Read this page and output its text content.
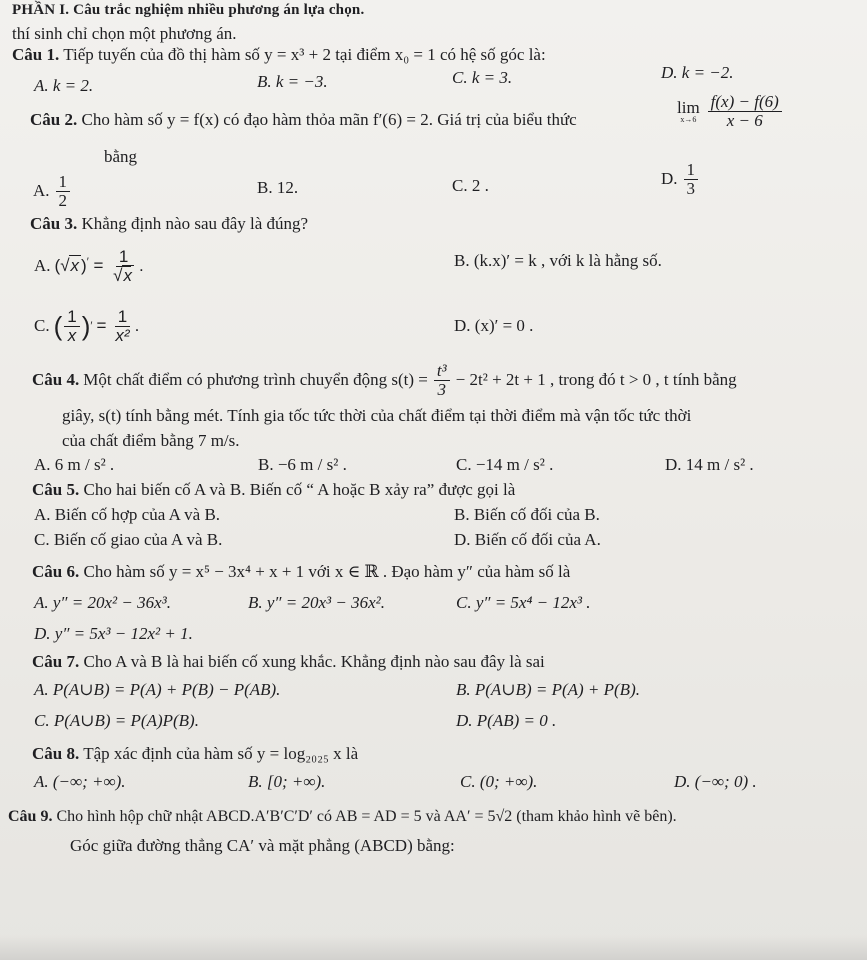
PHẦN I. Câu trắc nghiệm nhiều phương án lựa chọn.
thí sinh chỉ chọn một phương án.
Câu 1. Tiếp tuyến của đồ thị hàm số y = x³ + 2 tại điểm x₀ = 1 có hệ số góc là:
A. k = 2.	B. k = −3.	C. k = 3.	D. k = −2.
Câu 2. Cho hàm số y = f(x) có đạo hàm thỏa mãn f′(6) = 2. Giá trị của biểu thức
lim
$x\to 6 \frac{f(x) - f(6)}{x - 6}$
bằng
A. $\frac{1}{2}$	B. 12.	C. 2 .	D. $\frac{1}{3}$
Câu 3. Khẳng định nào sau đây là đúng?
A. (√x )$' = \frac{1}{√x}$ .	B. (k.x)′ = k , với k là hằng số.
C. ( $\frac{1}{x}$ ) ′ = $\frac{1}{\text{x²}}$ .	D. (x)′ = 0 .
Câu 4. Một chất điểm có phương trình chuyển động $s(t) = \frac{\text{t³}}{3} - 2t^2 + 2t + 1$ , trong đó t > 0 , t tính bằng
giây, s(t) tính bằng mét. Tính gia tốc tức thời của chất điểm tại thời điểm mà vận tốc tức thời
của chất điểm bằng 7 m/s.
A. 6 m / s² .	B. −6 m / s² .	C. −14 m / s² .	D. 14 m / s² .
Câu 5. Cho hai biến cố A và B. Biến cố “ A hoặc B xảy ra” được gọi là
A. Biến cố hợp của A và B.	B. Biến cố đối của B.
C. Biến cố giao của A và B.	D. Biến cố đối của A.
Câu 6. Cho hàm số y = x⁵ − 3x⁴ + x + 1 với x ∈ ℝ . Đạo hàm y″ của hàm số là
A. y″ = 20x² − 36x³.	B. y″ = 20x³ − 36x².	C. y″ = 5x⁴ − 12x³ .
D. y″ = 5x³ − 12x² + 1.
Câu 7. Cho A và B là hai biến cố xung khắc. Khẳng định nào sau đây là sai
A. P(A∪B) = P(A) + P(B) − P(AB).	B. P(A∪B) = P(A) + P(B).
C. P(A∪B) = P(A)P(B).	D. P(AB) = 0 .
Câu 8. Tập xác định của hàm số y = log₂₀₂₅ x là
A. (−∞; +∞).	B. [0; +∞).	C. (0; +∞).	D. (−∞; 0) .
Câu 9. Cho hình hộp chữ nhật ABCD.A′B′C′D′ có AB = AD = 5 và AA′ = 5√2 (tham khảo hình vẽ bên).
Góc giữa đường thẳng CA′ và mặt phẳng (ABCD) bằng:
